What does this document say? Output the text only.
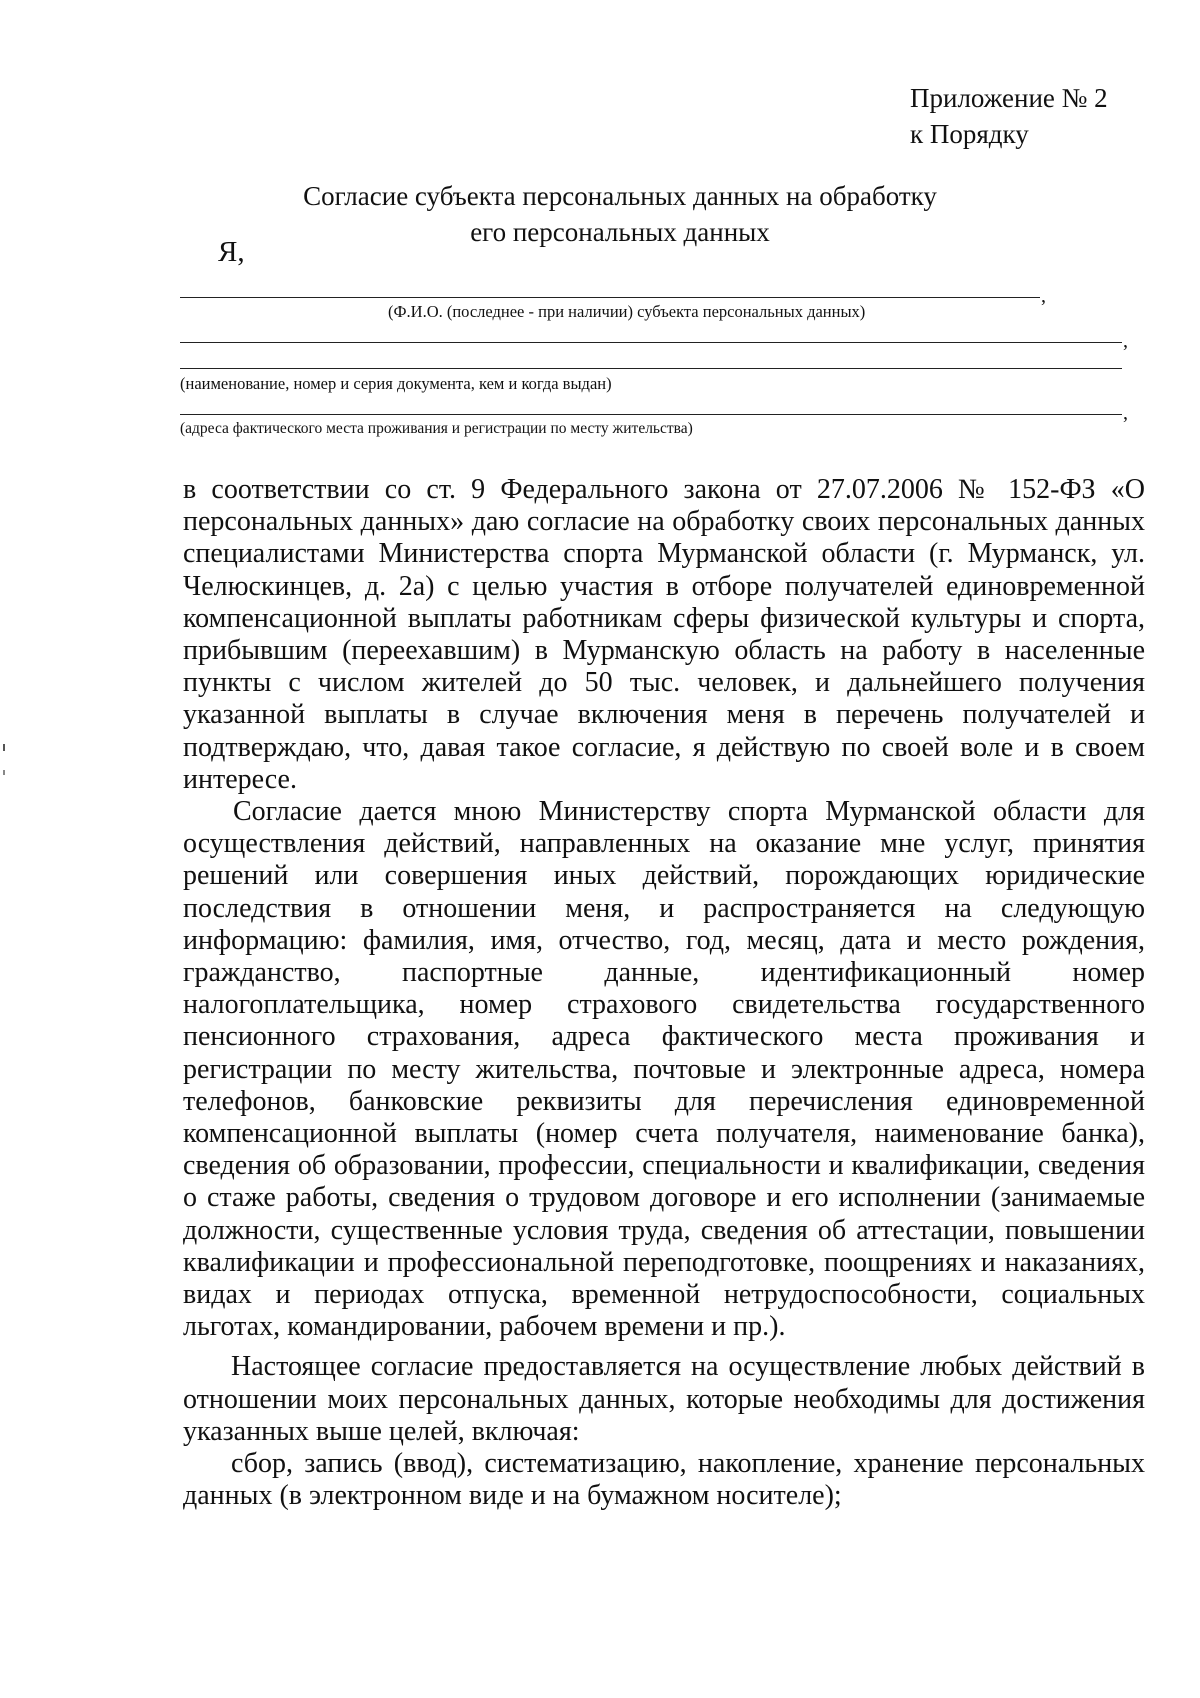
Приложение № 2
к Порядку
Согласие субъекта персональных данных на обработку
его персональных данных
Я,
,
(Ф.И.О. (последнее - при наличии) субъекта персональных данных)
,
(наименование, номер и серия документа, кем и когда выдан)
,
(адреса фактического места проживания и регистрации по месту жительства)

в соответствии со ст. 9 Федерального закона от 27.07.2006 № 152-ФЗ «О персональных данных» даю согласие на обработку своих персональных данных специалистами Министерства спорта Мурманской области (г. Мурманск, ул. Челюскинцев, д. 2а) с целью участия в отборе получателей единовременной компенсационной выплаты работникам сферы физической культуры и спорта, прибывшим (переехавшим) в Мурманскую область на работу в населенные пункты с числом жителей до 50 тыс. человек, и дальнейшего получения указанной выплаты в случае включения меня в перечень получателей и подтверждаю, что, давая такое согласие, я действую по своей воле и в своем интересе.

Согласие дается мною Министерству спорта Мурманской области для осуществления действий, направленных на оказание мне услуг, принятия решений или совершения иных действий, порождающих юридические последствия в отношении меня, и распространяется на следующую информацию: фамилия, имя, отчество, год, месяц, дата и место рождения, гражданство, паспортные данные, идентификационный номер налогоплательщика, номер страхового свидетельства государственного пенсионного страхования, адреса фактического места проживания и регистрации по месту жительства, почтовые и электронные адреса, номера телефонов, банковские реквизиты для перечисления единовременной компенсационной выплаты (номер счета получателя, наименование банка), сведения об образовании, профессии, специальности и квалификации, сведения о стаже работы, сведения о трудовом договоре и его исполнении (занимаемые должности, существенные условия труда, сведения об аттестации, повышении квалификации и профессиональной переподготовке, поощрениях и наказаниях, видах и периодах отпуска, временной нетрудоспособности, социальных льготах, командировании, рабочем времени и пр.).

Настоящее согласие предоставляется на осуществление любых действий в отношении моих персональных данных, которые необходимы для достижения указанных выше целей, включая:

сбор, запись (ввод), систематизацию, накопление, хранение персональных данных (в электронном виде и на бумажном носителе);
